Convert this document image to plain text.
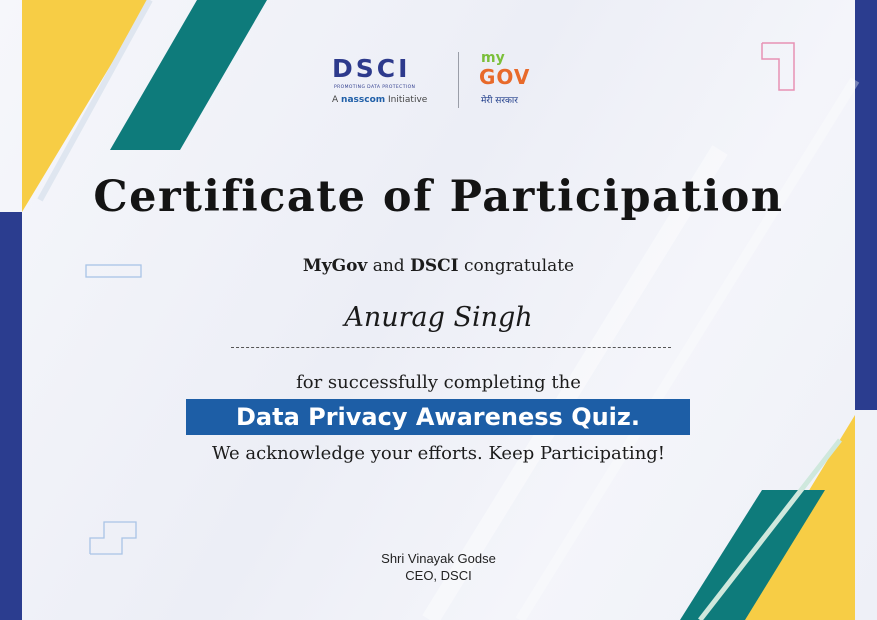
DSCI
PROMOTING DATA PROTECTION
A nasscom Initiative
my
GOV
मेरी सरकार
Certificate of Participation
MyGov and DSCI congratulate
Anurag Singh
for successfully completing the
Data Privacy Awareness Quiz.
We acknowledge your efforts. Keep Participating!
Shri Vinayak Godse
CEO, DSCI
